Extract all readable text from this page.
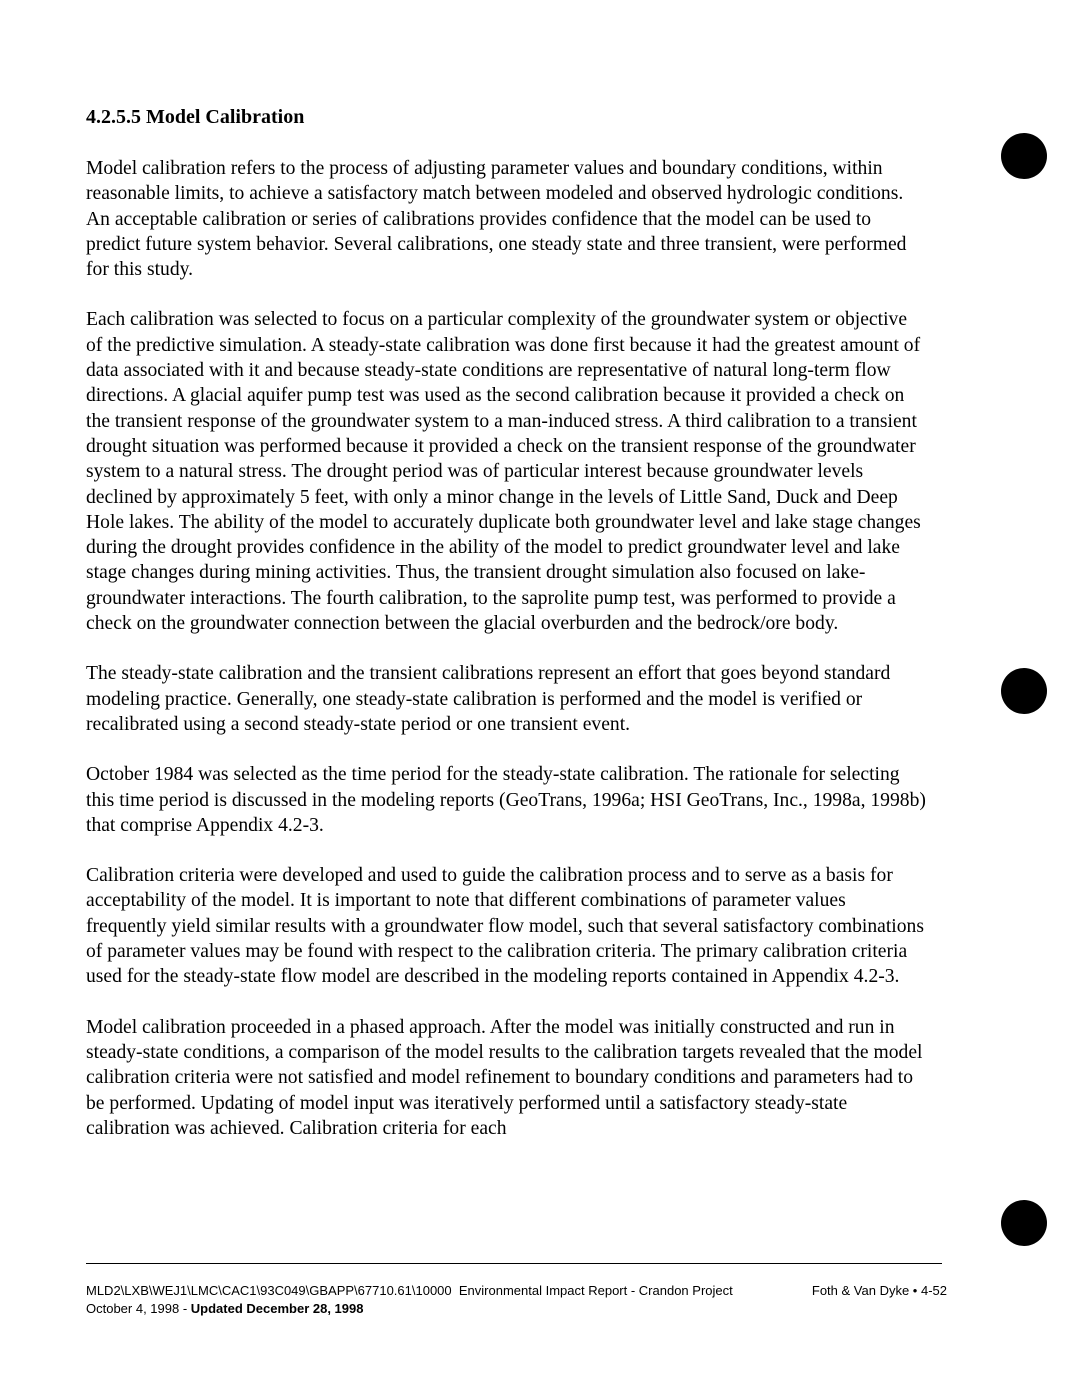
4.2.5.5 Model Calibration

Model calibration refers to the process of adjusting parameter values and boundary conditions, within reasonable limits, to achieve a satisfactory match between modeled and observed hydrologic conditions. An acceptable calibration or series of calibrations provides confidence that the model can be used to predict future system behavior. Several calibrations, one steady state and three transient, were performed for this study.

Each calibration was selected to focus on a particular complexity of the groundwater system or objective of the predictive simulation. A steady-state calibration was done first because it had the greatest amount of data associated with it and because steady-state conditions are representative of natural long-term flow directions. A glacial aquifer pump test was used as the second calibration because it provided a check on the transient response of the groundwater system to a man-induced stress. A third calibration to a transient drought situation was performed because it provided a check on the transient response of the groundwater system to a natural stress. The drought period was of particular interest because groundwater levels declined by approximately 5 feet, with only a minor change in the levels of Little Sand, Duck and Deep Hole lakes. The ability of the model to accurately duplicate both groundwater level and lake stage changes during the drought provides confidence in the ability of the model to predict groundwater level and lake stage changes during mining activities. Thus, the transient drought simulation also focused on lake-groundwater interactions. The fourth calibration, to the saprolite pump test, was performed to provide a check on the groundwater connection between the glacial overburden and the bedrock/ore body.

The steady-state calibration and the transient calibrations represent an effort that goes beyond standard modeling practice. Generally, one steady-state calibration is performed and the model is verified or recalibrated using a second steady-state period or one transient event.

October 1984 was selected as the time period for the steady-state calibration. The rationale for selecting this time period is discussed in the modeling reports (GeoTrans, 1996a; HSI GeoTrans, Inc., 1998a, 1998b) that comprise Appendix 4.2-3.

Calibration criteria were developed and used to guide the calibration process and to serve as a basis for acceptability of the model. It is important to note that different combinations of parameter values frequently yield similar results with a groundwater flow model, such that several satisfactory combinations of parameter values may be found with respect to the calibration criteria. The primary calibration criteria used for the steady-state flow model are described in the modeling reports contained in Appendix 4.2-3.

Model calibration proceeded in a phased approach. After the model was initially constructed and run in steady-state conditions, a comparison of the model results to the calibration targets revealed that the model calibration criteria were not satisfied and model refinement to boundary conditions and parameters had to be performed. Updating of model input was iteratively performed until a satisfactory steady-state calibration was achieved. Calibration criteria for each

MLD2\LXB\WEJ1\LMC\CAC1\93C049\GBAPP\67710.61\10000 Environmental Impact Report - Crandon Project
October 4, 1998 - Updated December 28, 1998
Foth & Van Dyke • 4-52
